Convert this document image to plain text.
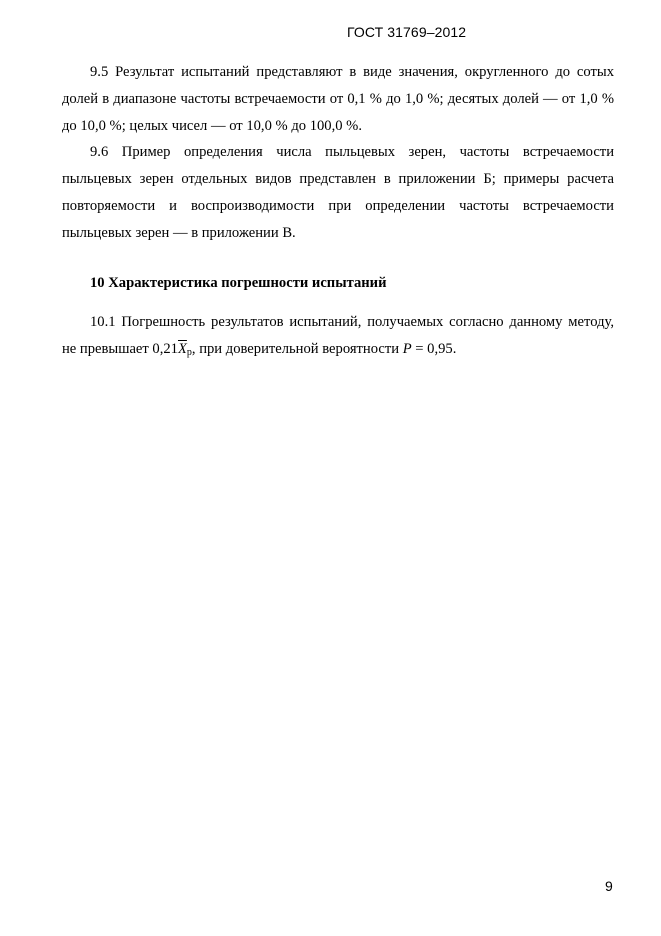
ГОСТ 31769–2012

9.5 Результат испытаний представляют в виде значения, округленного до сотых долей в диапазоне частоты встречаемости от 0,1 % до 1,0 %; десятых долей — от 1,0 % до 10,0 %; целых чисел — от 10,0 % до 100,0 %.

9.6 Пример определения числа пыльцевых зерен, частоты встречаемости пыльцевых зерен отдельных видов представлен в приложении Б; примеры расчета повторяемости и воспроизводимости при определении частоты встречаемости пыльцевых зерен — в приложении В.

10 Характеристика погрешности испытаний

10.1 Погрешность результатов испытаний, получаемых согласно данному методу, не превышает $0,21\overline{X}_р$, при доверительной вероятности P = 0,95.

9
